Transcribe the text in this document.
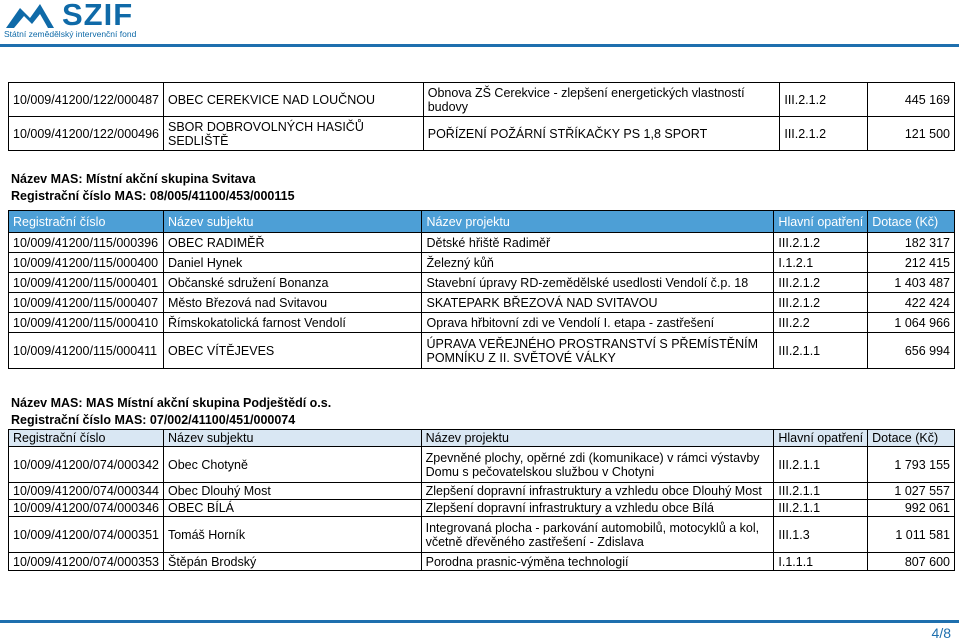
SZIF
Státní zemědělský intervenční fond
10/009/41200/122/000487	OBEC CEREKVICE NAD LOUČNOU	Obnova ZŠ Cerekvice - zlepšení energetických vlastností budovy	III.2.1.2	445 169
10/009/41200/122/000496	SBOR DOBROVOLNÝCH HASIČŮ SEDLIŠTĚ	POŘÍZENÍ POŽÁRNÍ STŘÍKAČKY PS 1,8 SPORT	III.2.1.2	121 500
Název MAS: Místní akční skupina Svitava
Registrační číslo MAS: 08/005/41100/453/000115
Registrační číslo	Název subjektu	Název projektu	Hlavní opatření	Dotace (Kč)
10/009/41200/115/000396	OBEC RADIMĚŘ	Dětské hřiště Radiměř	III.2.1.2	182 317
10/009/41200/115/000400	Daniel Hynek	Železný kůň	I.1.2.1	212 415
10/009/41200/115/000401	Občanské sdružení Bonanza	Stavební úpravy RD-zemědělské usedlosti Vendolí č.p. 18	III.2.1.2	1 403 487
10/009/41200/115/000407	Město Březová nad Svitavou	SKATEPARK BŘEZOVÁ NAD SVITAVOU	III.2.1.2	422 424
10/009/41200/115/000410	Římskokatolická farnost Vendolí	Oprava hřbitovní zdi ve Vendolí I. etapa - zastřešení	III.2.2	1 064 966
10/009/41200/115/000411	OBEC VÍTĚJEVES	ÚPRAVA VEŘEJNÉHO PROSTRANSTVÍ S PŘEMÍSTĚNÍM POMNÍKU Z II. SVĚTOVÉ VÁLKY	III.2.1.1	656 994
Název MAS: MAS Místní akční skupina Podještědí o.s.
Registrační číslo MAS: 07/002/41100/451/000074
Registrační číslo	Název subjektu	Název projektu	Hlavní opatření	Dotace (Kč)
10/009/41200/074/000342	Obec Chotyně	Zpevněné plochy, opěrné zdi (komunikace) v rámci výstavby Domu s pečovatelskou službou v Chotyni	III.2.1.1	1 793 155
10/009/41200/074/000344	Obec Dlouhý Most	Zlepšení dopravní infrastruktury a vzhledu obce Dlouhý Most	III.2.1.1	1 027 557
10/009/41200/074/000346	OBEC BÍLÁ	Zlepšení dopravní infrastruktury a vzhledu obce Bílá	III.2.1.1	992 061
10/009/41200/074/000351	Tomáš Horník	Integrovaná plocha - parkování automobilů, motocyklů a kol, včetně dřevěného zastřešení - Zdislava	III.1.3	1 011 581
10/009/41200/074/000353	Štěpán Brodský	Porodna prasnic-výměna technologií	I.1.1.1	807 600
4/8
